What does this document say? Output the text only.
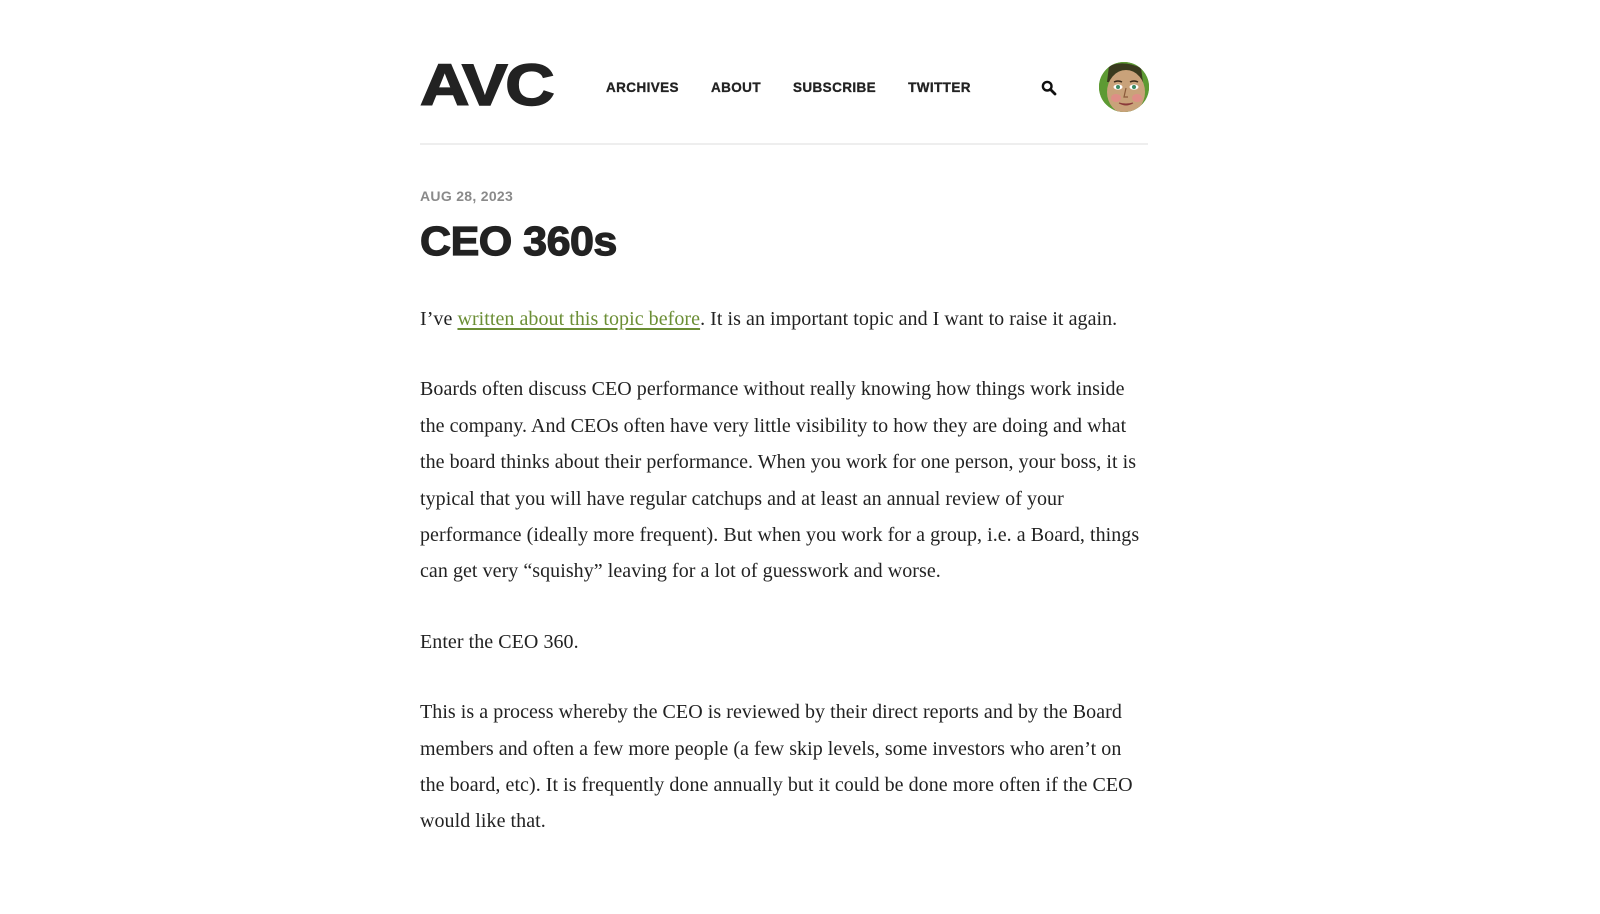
AVC	ARCHIVES ABOUT SUBSCRIBE TWITTER
AUG 28, 2023
CEO 360s

I’ve written about this topic before. It is an important topic and I want to raise it again.

Boards often discuss CEO performance without really knowing how things work inside the company. And CEOs often have very little visibility to how they are doing and what the board thinks about their performance. When you work for one person, your boss, it is typical that you will have regular catchups and at least an annual review of your performance (ideally more frequent). But when you work for a group, i.e. a Board, things can get very “squishy” leaving for a lot of guesswork and worse.

Enter the CEO 360.

This is a process whereby the CEO is reviewed by their direct reports and by the Board members and often a few more people (a few skip levels, some investors who aren’t on the board, etc). It is frequently done annually but it could be done more often if the CEO would like that.
